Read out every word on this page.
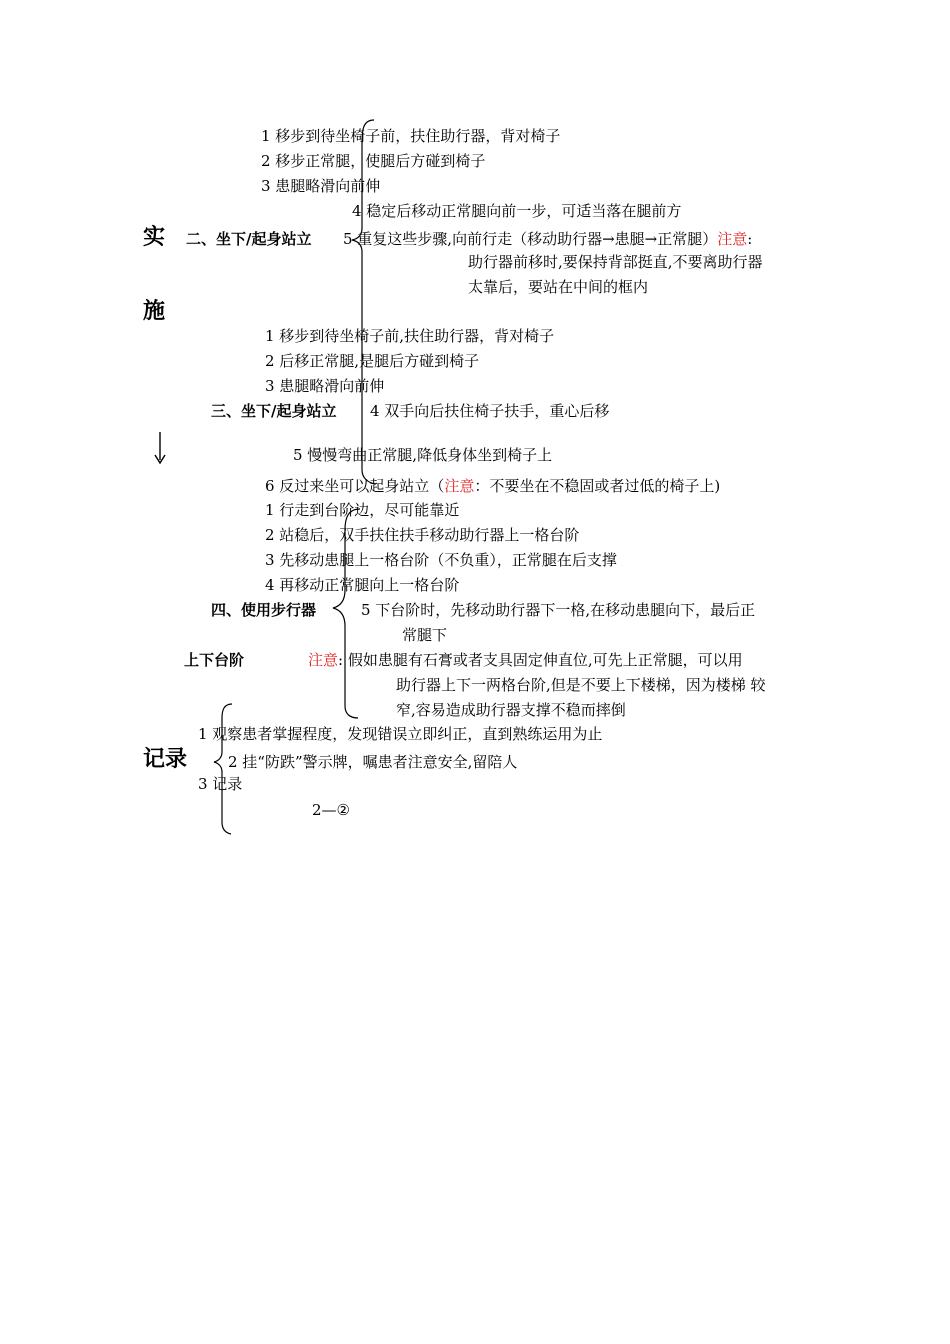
实
施
记录
1 移步到待坐椅子前，扶住助行器，背对椅子
2 移步正常腿，使腿后方碰到椅子
3 患腿略滑向前伸
4 稳定后移动正常腿向前一步，可适当落在腿前方
二、坐下/起身站立 5 重复这些步骤,向前行走（移动助行器→患腿→正常腿）注意:
助行器前移时,要保持背部挺直,不要离助行器
太靠后，要站在中间的框内
1 移步到待坐椅子前,扶住助行器，背对椅子
2 后移正常腿,是腿后方碰到椅子
3 患腿略滑向前伸
三、坐下/起身站立 4 双手向后扶住椅子扶手，重心后移
5 慢慢弯曲正常腿,降低身体坐到椅子上
6 反过来坐可以起身站立（注意：不要坐在不稳固或者过低的椅子上)
1 行走到台阶边，尽可能靠近
2 站稳后，双手扶住扶手移动助行器上一格台阶
3 先移动患腿上一格台阶（不负重），正常腿在后支撑
4 再移动正常腿向上一格台阶
四、使用步行器	5 下台阶时，先移动助行器下一格,在移动患腿向下，最后正
常腿下
上下台阶	注意: 假如患腿有石膏或者支具固定伸直位,可先上正常腿，可以用
助行器上下一两格台阶,但是不要上下楼梯，因为楼梯 较
窄,容易造成助行器支撑不稳而摔倒
1 观察患者掌握程度，发现错误立即纠正，直到熟练运用为止
2 挂“防跌”警示牌，嘱患者注意安全,留陪人
3 记录
2—②
